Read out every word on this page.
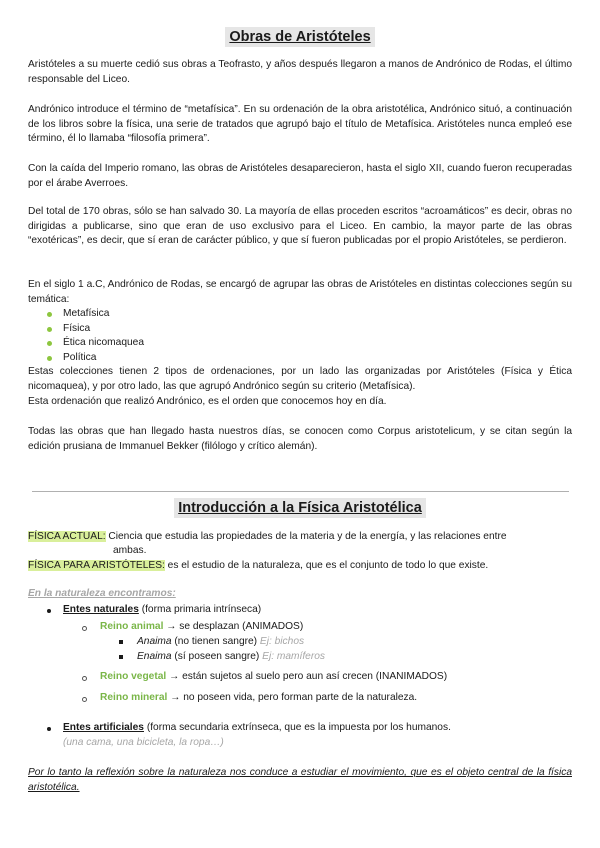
Obras de Aristóteles

Aristóteles a su muerte cedió sus obras a Teofrasto, y años después llegaron a manos de Andrónico de Rodas, el último responsable del Liceo.

Andrónico introduce el término de “metafísica”. En su ordenación de la obra aristotélica, Andrónico situó, a continuación de los libros sobre la física, una serie de tratados que agrupó bajo el título de Metafísica. Aristóteles nunca empleó ese término, él lo llamaba “filosofía primera”.

Con la caída del Imperio romano, las obras de Aristóteles desaparecieron, hasta el siglo XII, cuando fueron recuperadas por el árabe Averroes.

Del total de 170 obras, sólo se han salvado 30. La mayoría de ellas proceden escritos “acroamáticos” es decir, obras no dirigidas a publicarse, sino que eran de uso exclusivo para el Liceo. En cambio, la mayor parte de las obras “exotéricas”, es decir, que sí eran de carácter público, y que sí fueron publicadas por el propio Aristóteles, se perdieron.

En el siglo 1 a.C, Andrónico de Rodas, se encargó de agrupar las obras de Aristóteles en distintas colecciones según su temática:

Metafísica
Física
Ética nicomaquea
Política

Estas colecciones tienen 2 tipos de ordenaciones, por un lado las organizadas por Aristóteles (Física y Ética nicomaquea), y por otro lado, las que agrupó Andrónico según su criterio (Metafísica).

Esta ordenación que realizó Andrónico, es el orden que conocemos hoy en día.

Todas las obras que han llegado hasta nuestros días, se conocen como Corpus aristotelicum, y se citan según la edición prusiana de Immanuel Bekker (filólogo y crítico alemán).

Introducción a la Física Aristotélica
FÍSICA ACTUAL: Ciencia que estudia las propiedades de la materia y de la energía, y las relaciones entre
ambas.
FÍSICA PARA ARISTÓTELES: es el estudio de la naturaleza, que es el conjunto de todo lo que existe.
En la naturaleza encontramos:
Entes naturales (forma primaria intrínseca)
Reino animal → se desplazan (ANIMADOS)
Anaima (no tienen sangre) Ej: bichos
Enaima (sí poseen sangre) Ej: mamíferos
Reino vegetal → están sujetos al suelo pero aun así crecen (INANIMADOS)
Reino mineral → no poseen vida, pero forman parte de la naturaleza.
Entes artificiales (forma secundaria extrínseca, que es la impuesta por los humanos.
(una cama, una bicicleta, la ropa…)
Por lo tanto la reflexión sobre la naturaleza nos conduce a estudiar el movimiento, que es el objeto central de la física aristotélica.
